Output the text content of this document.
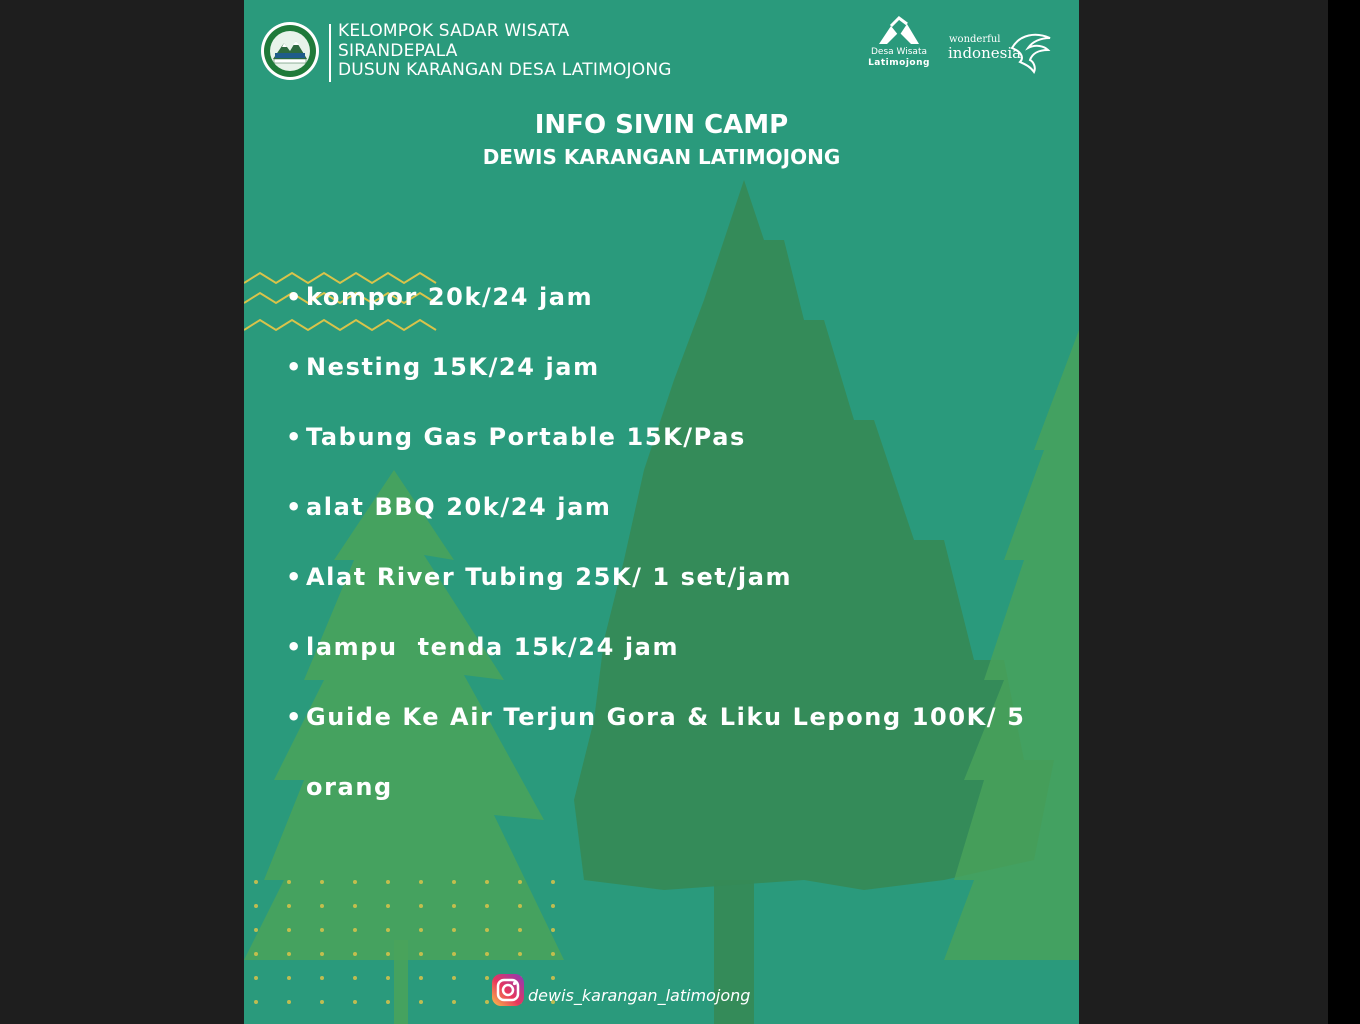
KELOMPOK SADAR WISATA
SIRANDEPALA
DUSUN KARANGAN DESA LATIMOJONG
Desa Wisata
Latimojong
wonderful
indonesia
INFO SIVIN CAMP
DEWIS KARANGAN LATIMOJONG
• kompor 20k/24 jam
• Nesting 15K/24 jam
• Tabung Gas Portable 15K/Pas
• alat BBQ 20k/24 jam
• Alat River Tubing 25K/ 1 set/jam
• lampu  tenda 15k/24 jam
• Guide Ke Air Terjun Gora & Liku Lepong 100K/ 5
orang
dewis_karangan_latimojong
